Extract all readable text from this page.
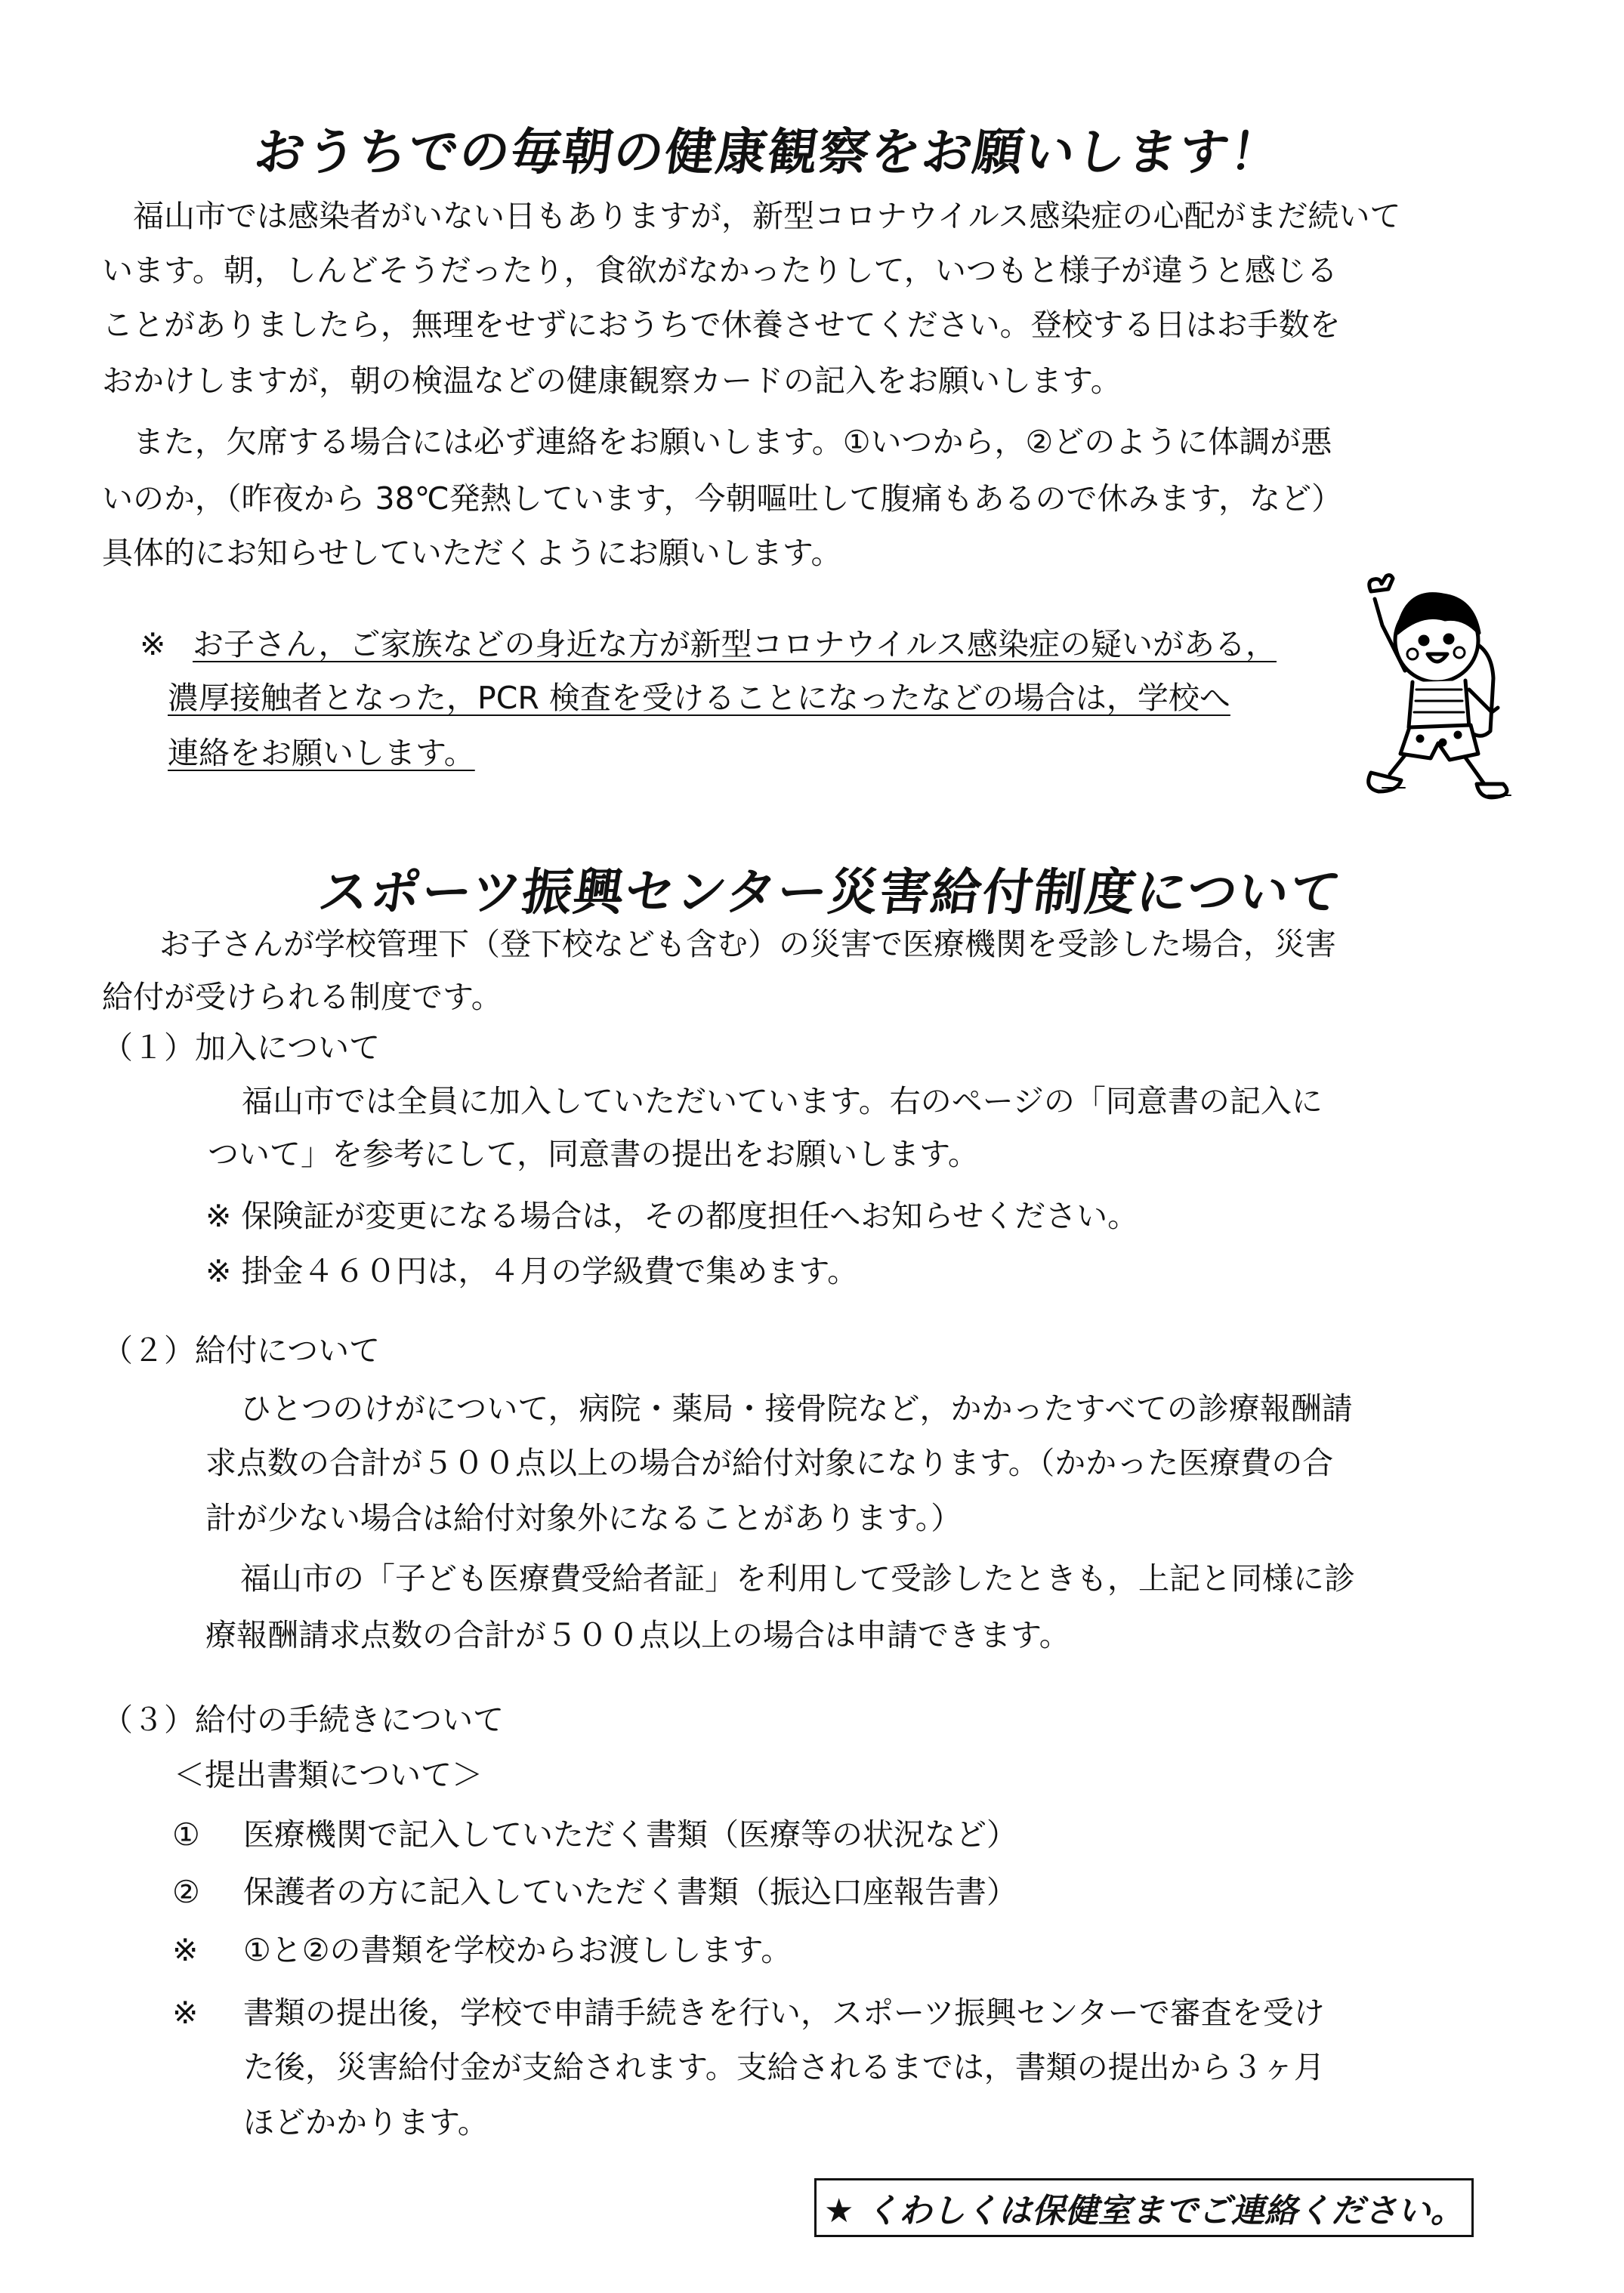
おうちでの毎朝の健康観察をお願いします！
　福山市では感染者がいない日もありますが，新型コロナウイルス感染症の心配がまだ続いて
います。朝，しんどそうだったり，食欲がなかったりして，いつもと様子が違うと感じる
ことがありましたら，無理をせずにおうちで休養させてください。登校する日はお手数を
おかけしますが，朝の検温などの健康観察カードの記入をお願いします。
　また，欠席する場合には必ず連絡をお願いします。①いつから，②どのように体調が悪
いのか，（昨夜から 38℃発熱しています，今朝嘔吐して腹痛もあるので休みます，など）
具体的にお知らせしていただくようにお願いします。
※ お子さん，ご家族などの身近な方が新型コロナウイルス感染症の疑いがある，
濃厚接触者となった，PCR 検査を受けることになったなどの場合は，学校へ
連絡をお願いします。
スポーツ振興センター災害給付制度について
　お子さんが学校管理下（登下校なども含む）の災害で医療機関を受診した場合，災害
給付が受けられる制度です。
（１）加入について
福山市では全員に加入していただいています。右のページの「同意書の記入に
ついて」を参考にして，同意書の提出をお願いします。
※ 保険証が変更になる場合は，その都度担任へお知らせください。
※ 掛金４６０円は，４月の学級費で集めます。
（２）給付について
ひとつのけがについて，病院・薬局・接骨院など，かかったすべての診療報酬請
求点数の合計が５００点以上の場合が給付対象になります。（かかった医療費の合
計が少ない場合は給付対象外になることがあります。）
福山市の「子ども医療費受給者証」を利用して受診したときも，上記と同様に診
療報酬請求点数の合計が５００点以上の場合は申請できます。
（３）給付の手続きについて
＜提出書類について＞
① 医療機関で記入していただく書類（医療等の状況など）
② 保護者の方に記入していただく書類（振込口座報告書）
※ ①と②の書類を学校からお渡しします。
※ 書類の提出後，学校で申請手続きを行い，スポーツ振興センターで審査を受け
た後，災害給付金が支給されます。支給されるまでは，書類の提出から３ヶ月
ほどかかります。
★ くわしくは保健室までご連絡ください。
